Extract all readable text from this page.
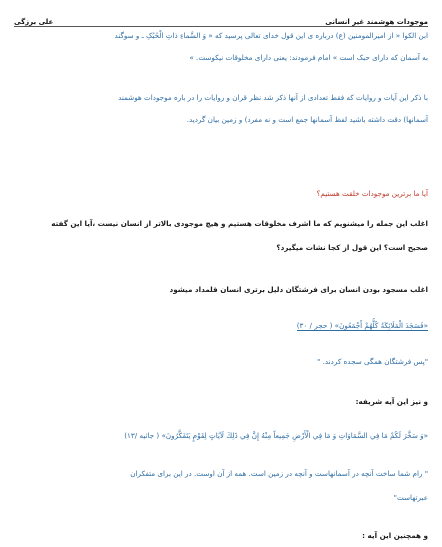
موجودات هوشمند غیر انسانی
علی برزگی

ابن الکوا « از امیرالمومنین (ع) درباره ی این قول خدای تعالی پرسید که « وَ السَّماءِ ذاتِ الْحُبُکِ ـ و سوگند

به آسمان که دارای حبک است » امام فرمودند: یعنی دارای مخلوقات نیکوست. »

با ذکر این آیات و روایات که فقط تعدادی از آنها ذکر شد نظر قران و روایات را در باره موجودات هوشمند

آسمانها) دقت داشته باشید لفظ آسمانها جمع است و نه مفرد) و زمین بیان گردید.

آیا ما برترین موجودات خلقت هستیم؟

اغلب این جمله را میشنویم که ما اشرف مخلوقات هستیم و هیچ موجودی بالاتر از انسان نیست ،آیا این گفته

صحیح است؟ این قول از کجا نشات میگیرد؟

اغلب مسجود بودن انسان برای فرشتگان دلیل برتری انسان قلمداد میشود

«فَسَجَدَ الْمَلَائِكَةُ كُلُّهُمْ أَجْمَعُونَ» ( حجر / ۳۰)

"پس فرشتگان همگی سجده کردند. "

و نیز این آیه شریفه:

«وَ سَخَّرَ لَكُمْ مَا فِي السَّمَاوَاتِ وَ مَا فِي الْأَرْضِ جَمِيعاً مِنْهُ إِنَّ فِي ذَلِكَ لَآيَاتٍ لِقَوْمٍ يَتَفَكَّرُونَ» ( جاثیه /۱۳)

" رام شما ساخت آنچه در آسمانهاست و آنچه در زمین است. همه از آن اوست. در این برای متفکران

عبرتهاست"

و همچنین این آیه :
